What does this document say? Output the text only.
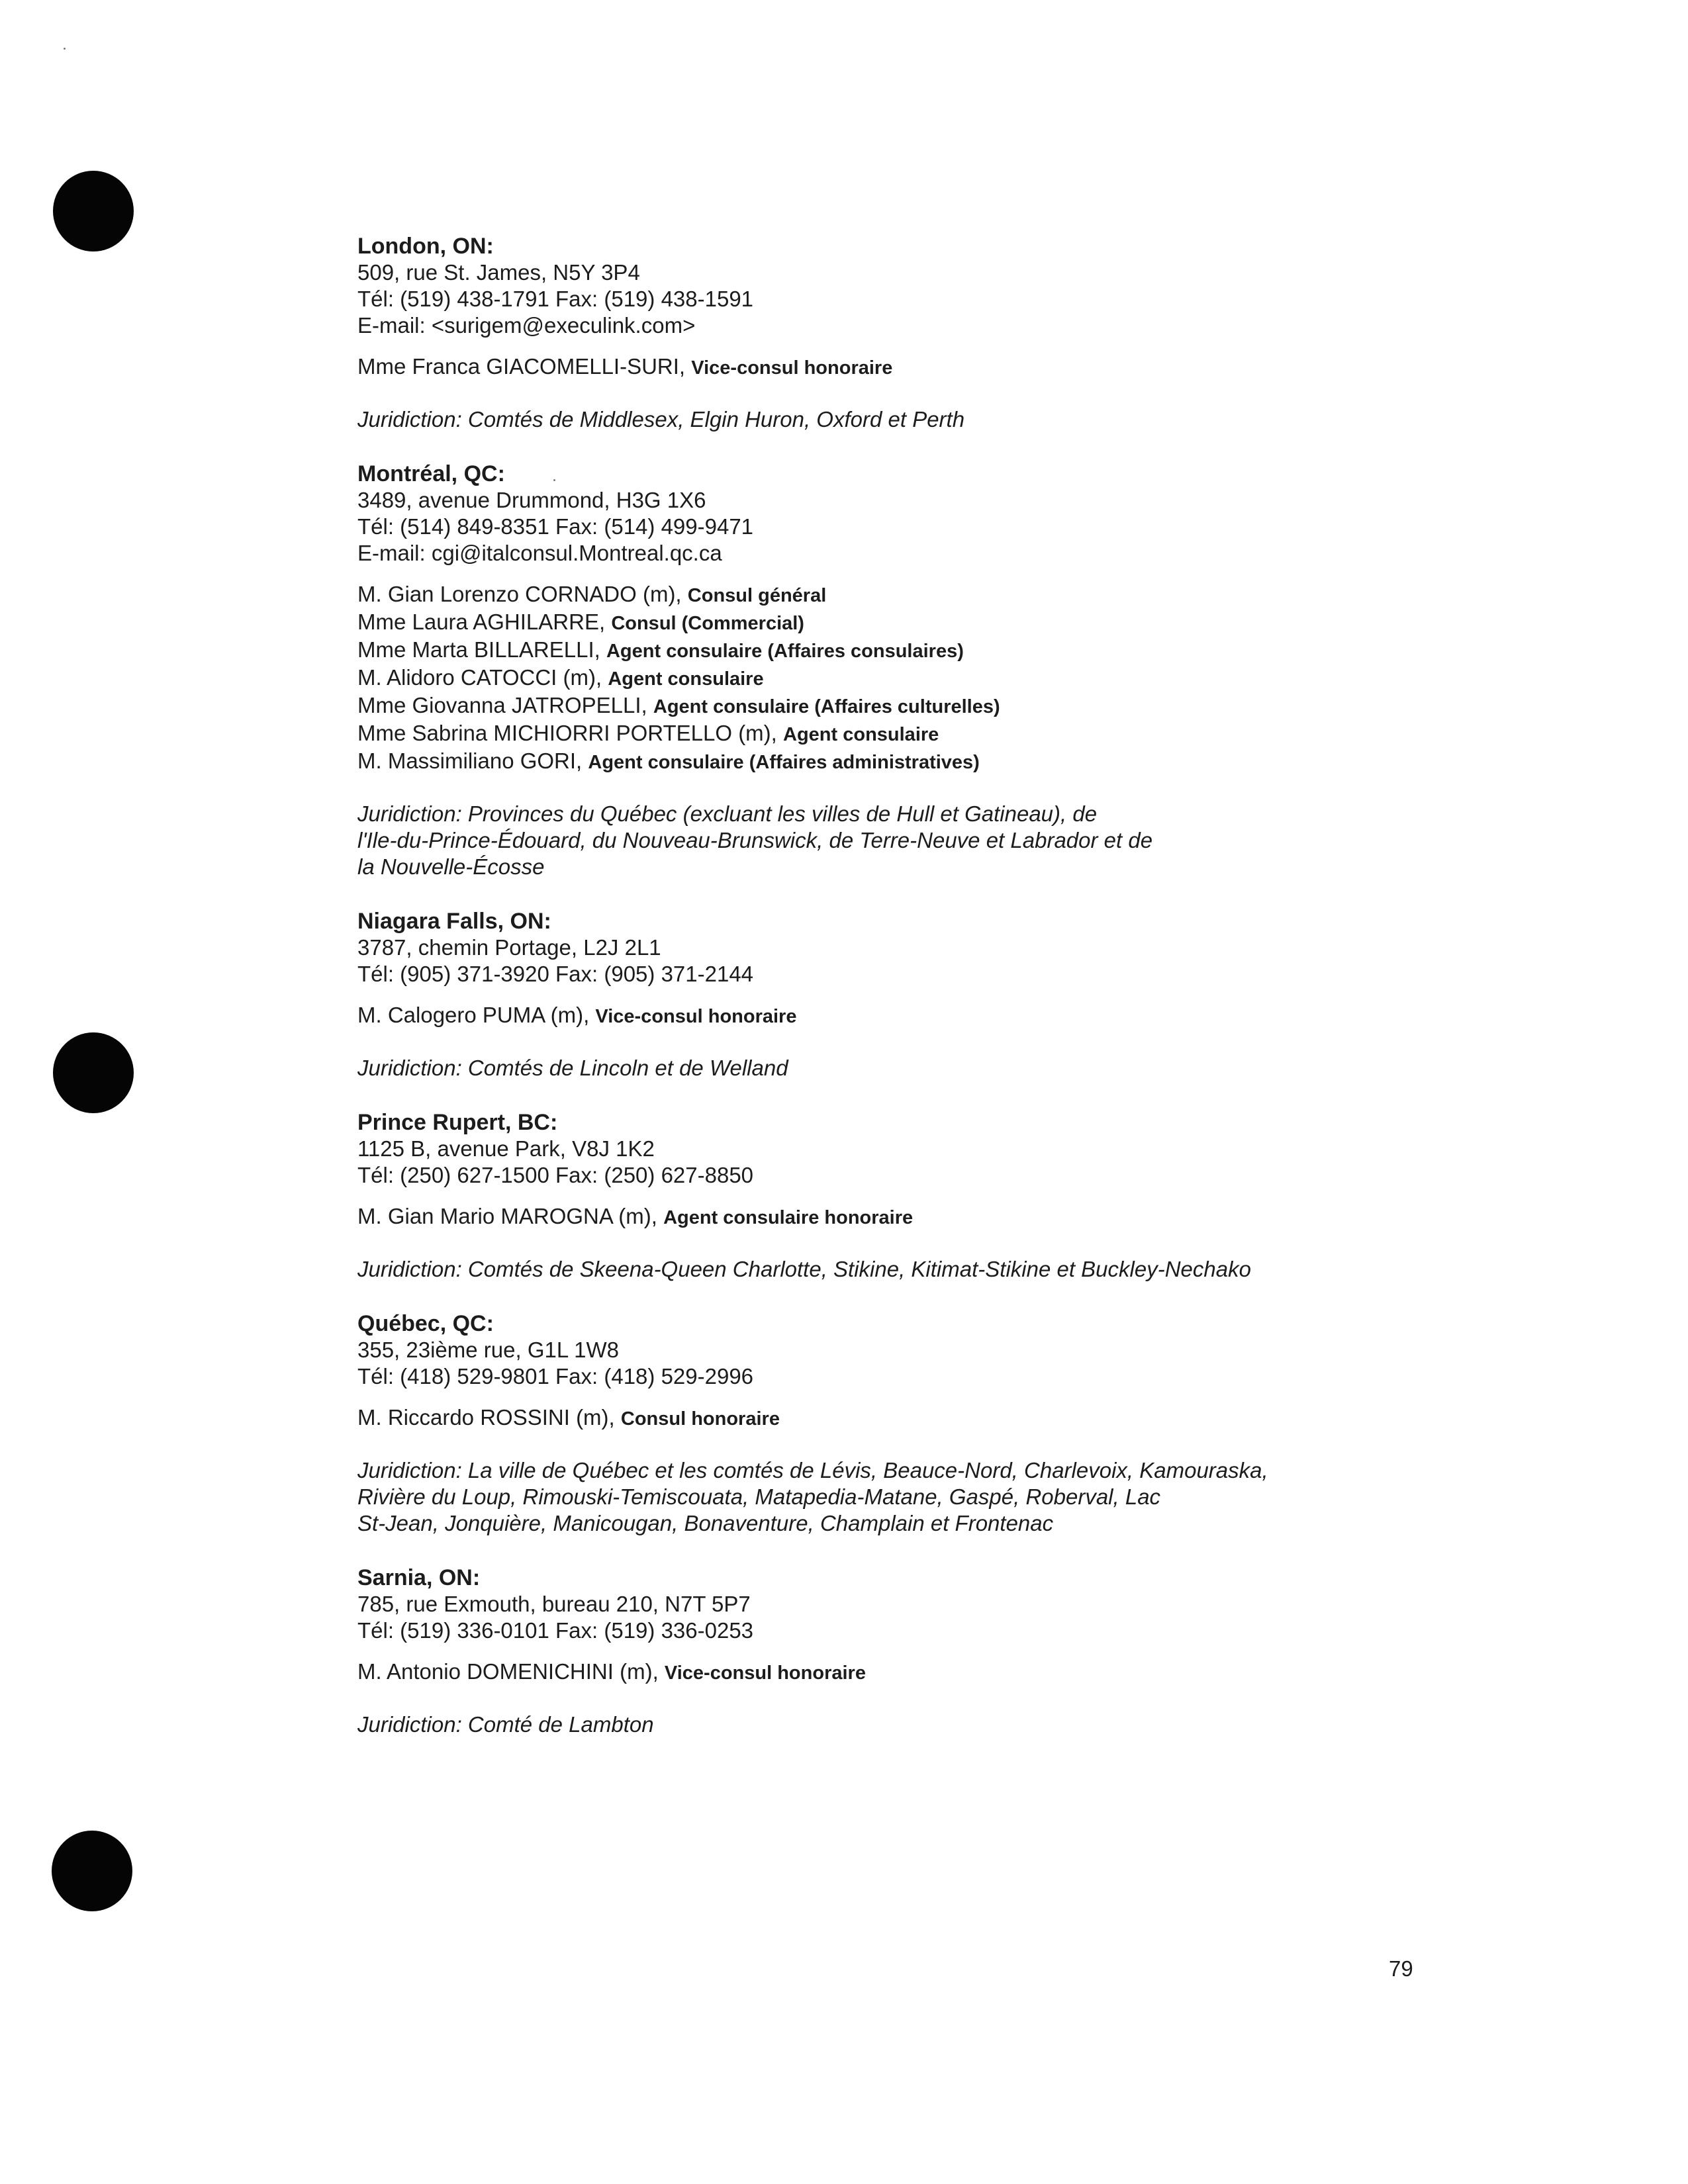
London, ON:
509, rue St. James, N5Y 3P4
Tél: (519) 438-1791 Fax: (519) 438-1591
E-mail: <surigem@execulink.com>
Mme Franca GIACOMELLI-SURI, Vice-consul honoraire
Juridiction: Comtés de Middlesex, Elgin Huron, Oxford et Perth
Montréal, QC:
3489, avenue Drummond, H3G 1X6
Tél: (514) 849-8351 Fax: (514) 499-9471
E-mail: cgi@italconsul.Montreal.qc.ca
M. Gian Lorenzo CORNADO (m), Consul général
Mme Laura AGHILARRE, Consul (Commercial)
Mme Marta BILLARELLI, Agent consulaire (Affaires consulaires)
M. Alidoro CATOCCI (m), Agent consulaire
Mme Giovanna JATROPELLI, Agent consulaire (Affaires culturelles)
Mme Sabrina MICHIORRI PORTELLO (m), Agent consulaire
M. Massimiliano GORI, Agent consulaire (Affaires administratives)
Juridiction: Provinces du Québec (excluant les villes de Hull et Gatineau), de
l'Ile-du-Prince-Édouard, du Nouveau-Brunswick, de Terre-Neuve et Labrador et de
la Nouvelle-Écosse
Niagara Falls, ON:
3787, chemin Portage, L2J 2L1
Tél: (905) 371-3920 Fax: (905) 371-2144
M. Calogero PUMA (m), Vice-consul honoraire
Juridiction: Comtés de Lincoln et de Welland
Prince Rupert, BC:
1125 B, avenue Park, V8J 1K2
Tél: (250) 627-1500 Fax: (250) 627-8850
M. Gian Mario MAROGNA (m), Agent consulaire honoraire
Juridiction: Comtés de Skeena-Queen Charlotte, Stikine, Kitimat-Stikine et Buckley-Nechako
Québec, QC:
355, 23ième rue, G1L 1W8
Tél: (418) 529-9801 Fax: (418) 529-2996
M. Riccardo ROSSINI (m), Consul honoraire
Juridiction: La ville de Québec et les comtés de Lévis, Beauce-Nord, Charlevoix, Kamouraska,
Rivière du Loup, Rimouski-Temiscouata, Matapedia-Matane, Gaspé, Roberval, Lac
St-Jean, Jonquière, Manicougan, Bonaventure, Champlain et Frontenac
Sarnia, ON:
785, rue Exmouth, bureau 210, N7T 5P7
Tél: (519) 336-0101 Fax: (519) 336-0253
M. Antonio DOMENICHINI (m), Vice-consul honoraire
Juridiction: Comté de Lambton
79
